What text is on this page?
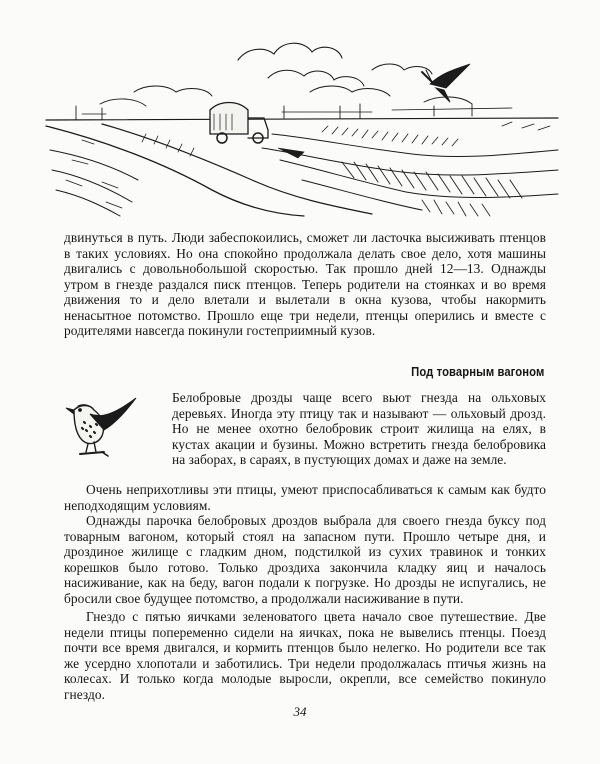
двинуться в путь. Люди забеспокоились, сможет ли ласточка высиживать птенцов в таких условиях. Но она спокойно продолжала делать свое дело, хотя машины двигались с довольнобольшой скоростью. Так прошло дней 12—13. Однажды утром в гнезде раздался писк птенцов. Теперь родители на стоянках и во время движения то и дело влетали и вылетали в окна кузова, чтобы накормить ненасытное потомство. Прошло еще три недели, птенцы оперились и вместе с родителями навсегда покинули гостеприимный кузов.

Под товарным вагоном

Белобровые дрозды чаще всего вьют гнезда на ольховых деревьях. Иногда эту птицу так и называют — ольховый дрозд. Но не менее охотно белобровик строит жилища на елях, в кустах акации и бузины. Можно встретить гнезда белобровика на заборах, в сараях, в пустующих домах и даже на земле.

Очень неприхотливы эти птицы, умеют приспосабливаться к самым как будто неподходящим условиям.

Однажды парочка белобровых дроздов выбрала для своего гнезда буксу под товарным вагоном, который стоял на запасном пути. Прошло четыре дня, и дроздиное жилище с гладким дном, подстилкой из сухих травинок и тонких корешков было готово. Только дроздиха закончила кладку яиц и началось насиживание, как на беду, вагон подали к погрузке. Но дрозды не испугались, не бросили свое будущее потомство, а продолжали насиживание в пути.

Гнездо с пятью яичками зеленоватого цвета начало свое путешествие. Две недели птицы попеременно сидели на яичках, пока не вывелись птенцы. Поезд почти все время двигался, и кормить птенцов было нелегко. Но родители все так же усердно хлопотали и заботились. Три недели продолжалась птичья жизнь на колесах. И только когда молодые выросли, окрепли, все семейство покинуло гнездо.

34
